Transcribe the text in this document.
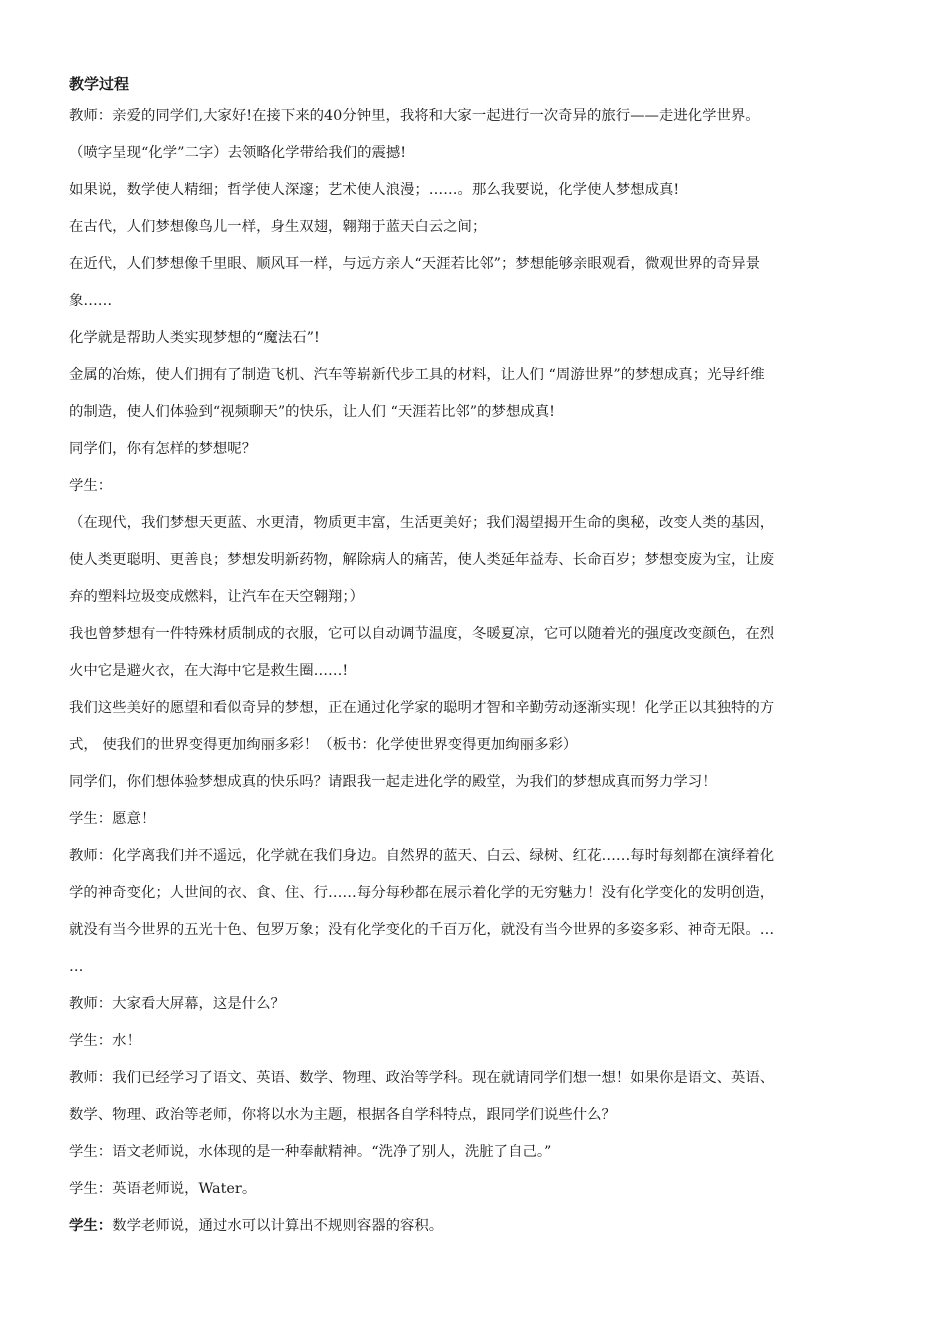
教学过程
教师：亲爱的同学们,大家好!在接下来的40分钟里，我将和大家一起进行一次奇异的旅行——走进化学世界。
（喷字呈现“化学”二字）去领略化学带给我们的震撼!
如果说，数学使人精细；哲学使人深邃；艺术使人浪漫；……。那么我要说，化学使人梦想成真!
在古代，人们梦想像鸟儿一样，身生双翅，翱翔于蓝天白云之间；
在近代，人们梦想像千里眼、顺风耳一样，与远方亲人“天涯若比邻”；梦想能够亲眼观看，微观世界的奇异景
象……
化学就是帮助人类实现梦想的“魔法石”!
金属的冶炼，使人们拥有了制造飞机、汽车等崭新代步工具的材料，让人们 “周游世界”的梦想成真；光导纤维
的制造，使人们体验到“视频聊天”的快乐，让人们 “天涯若比邻”的梦想成真!
同学们，你有怎样的梦想呢？
学生：
（在现代，我们梦想天更蓝、水更清，物质更丰富，生活更美好；我们渴望揭开生命的奥秘，改变人类的基因，
使人类更聪明、更善良；梦想发明新药物，解除病人的痛苦，使人类延年益寿、长命百岁；梦想变废为宝，让废
弃的塑料垃圾变成燃料，让汽车在天空翱翔；）
我也曾梦想有一件特殊材质制成的衣服，它可以自动调节温度，冬暖夏凉，它可以随着光的强度改变颜色，在烈
火中它是避火衣，在大海中它是救生圈……!
我们这些美好的愿望和看似奇异的梦想，正在通过化学家的聪明才智和辛勤劳动逐渐实现！化学正以其独特的方
式， 使我们的世界变得更加绚丽多彩！（板书：化学使世界变得更加绚丽多彩）
同学们，你们想体验梦想成真的快乐吗？请跟我一起走进化学的殿堂，为我们的梦想成真而努力学习！
学生：愿意！
教师：化学离我们并不遥远，化学就在我们身边。自然界的蓝天、白云、绿树、红花……每时每刻都在演绎着化
学的神奇变化；人世间的衣、食、住、行……每分每秒都在展示着化学的无穷魅力！没有化学变化的发明创造，
就没有当今世界的五光十色、包罗万象；没有化学变化的千百万化，就没有当今世界的多姿多彩、神奇无限。…
…
教师：大家看大屏幕，这是什么？
学生：水！
教师：我们已经学习了语文、英语、数学、物理、政治等学科。现在就请同学们想一想！如果你是语文、英语、
数学、物理、政治等老师，你将以水为主题，根据各自学科特点，跟同学们说些什么？
学生：语文老师说，水体现的是一种奉献精神。“洗净了别人，洗脏了自己。”
学生：英语老师说，Water。
学生：数学老师说，通过水可以计算出不规则容器的容积。
